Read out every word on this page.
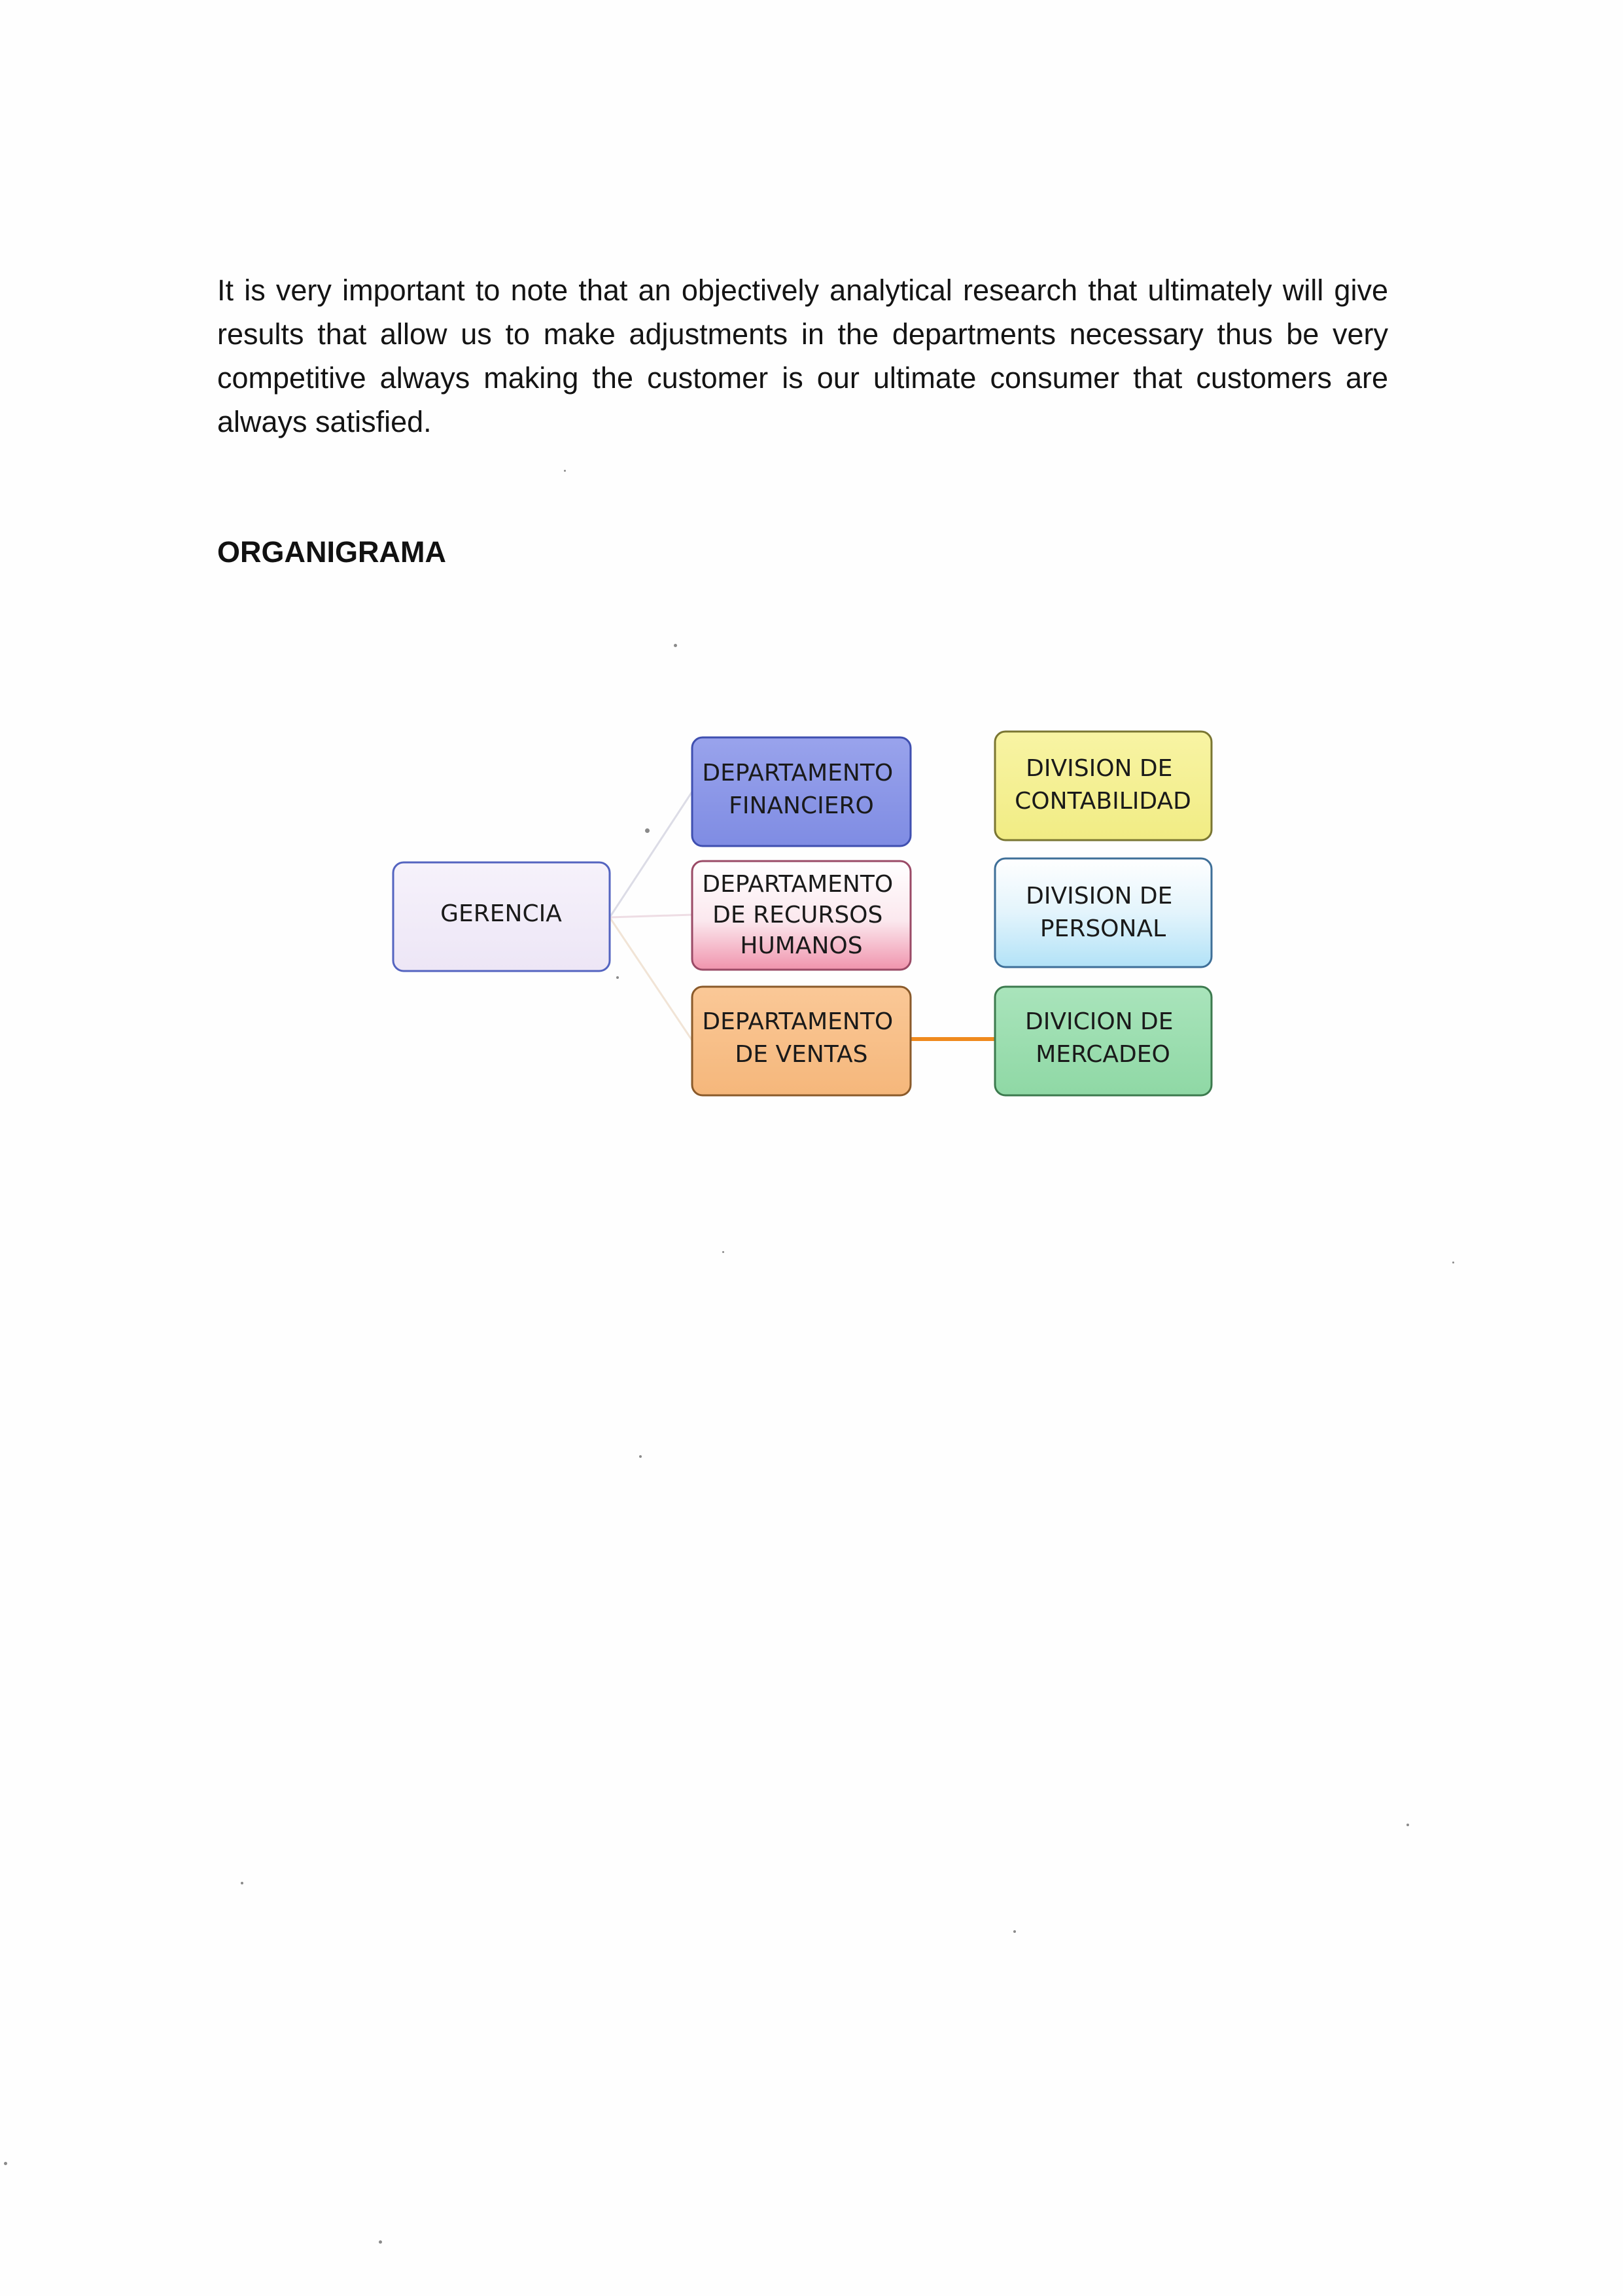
It is very important to note that an objectively analytical research that ultimately will give results that allow us to make adjustments in the departments necessary thus be very competitive always making the customer is our ultimate consumer that customers are always satisfied.

ORGANIGRAMA
GERENCIA
DEPARTAMENTO FINANCIERO
DEPARTAMENTO DE RECURSOS HUMANOS
DEPARTAMENTO DE VENTAS
DIVISION DE CONTABILIDAD
DIVISION DE PERSONAL
DIVICION DE MERCADEO
